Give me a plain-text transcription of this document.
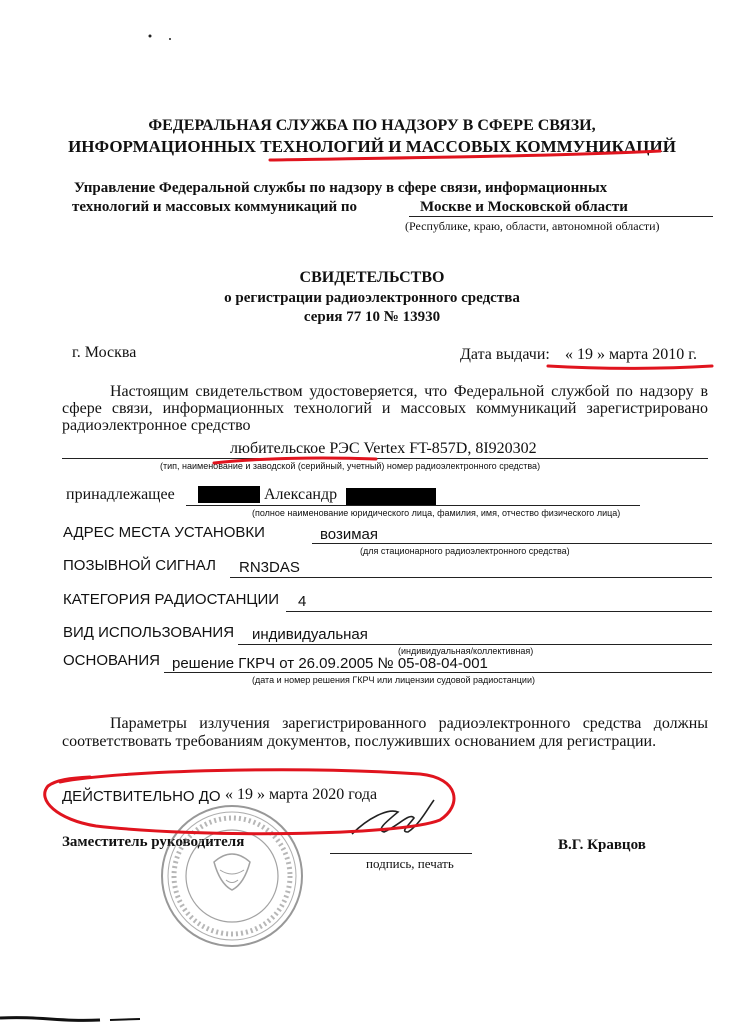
ФЕДЕРАЛЬНАЯ СЛУЖБА ПО НАДЗОРУ В СФЕРЕ СВЯЗИ,
ИНФОРМАЦИОННЫХ ТЕХНОЛОГИЙ И МАССОВЫХ КОММУНИКАЦИЙ
Управление Федеральной службы по надзору в сфере связи, информационных
технологий и массовых коммуникаций по	Москве и Московской области
(Республике, краю, области, автономной области)
СВИДЕТЕЛЬСТВО
о регистрации радиоэлектронного средства
серия 77 10 № 13930
г. Москва	Дата выдачи: « 19 » марта 2010 г.
Настоящим свидетельством удостоверяется, что Федеральной службой по надзору в сфере связи, информационных технологий и массовых коммуникаций зарегистрировано радиоэлектронное средство
любительское РЭС Vertex FT-857D, 8I920302
(тип, наименование и заводской (серийный, учетный) номер радиоэлектронного средства)
принадлежащее	Александр
(полное наименование юридического лица, фамилия, имя, отчество физического лица)
АДРЕС МЕСТА УСТАНОВКИ	возимая
(для стационарного радиоэлектронного средства)
ПОЗЫВНОЙ СИГНАЛ RN3DAS
КАТЕГОРИЯ РАДИОСТАНЦИИ 4
ВИД ИСПОЛЬЗОВАНИЯ индивидуальная
(индивидуальная/коллективная)
ОСНОВАНИЯ решение ГКРЧ от 26.09.2005 № 05-08-04-001
(дата и номер решения ГКРЧ или лицензии судовой радиостанции)
Параметры излучения зарегистрированного радиоэлектронного средства должны соответствовать требованиям документов, послуживших основанием для регистрации.
ДЕЙСТВИТЕЛЬНО ДО « 19 » марта 2020 года
Заместитель руководителя
подпись, печать
В.Г. Кравцов
